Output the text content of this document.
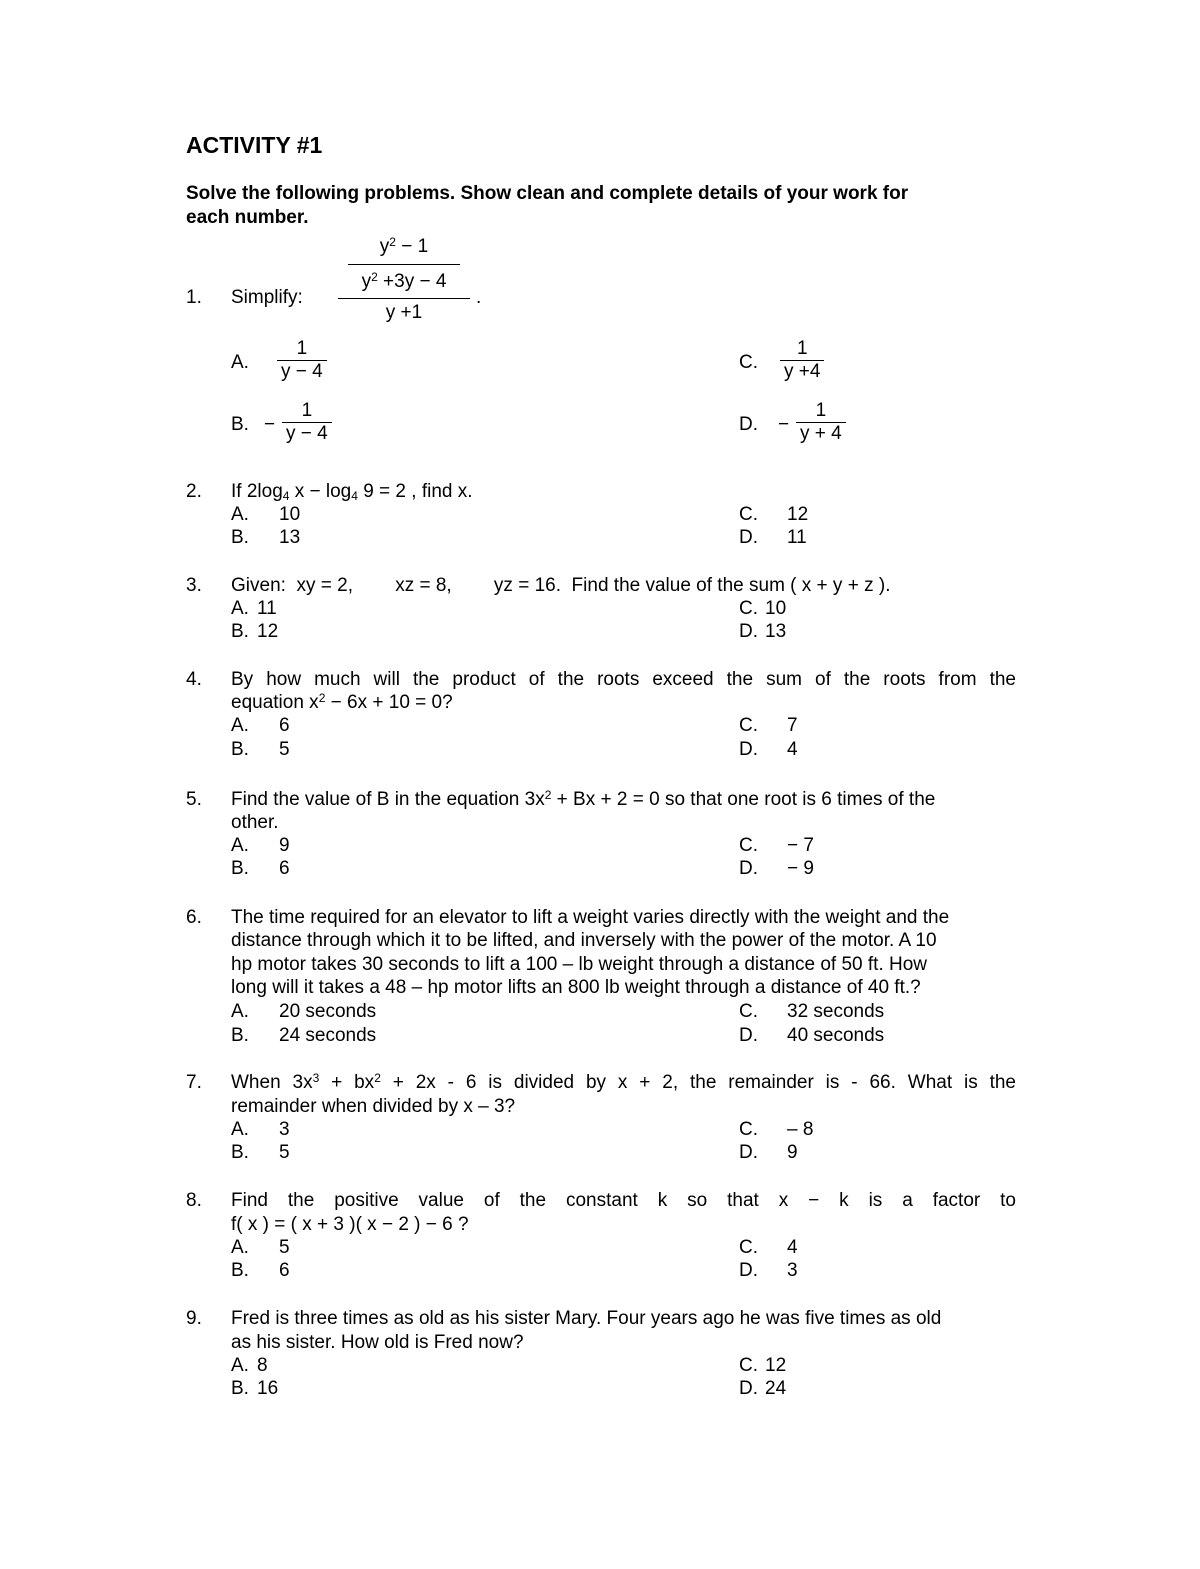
ACTIVITY #1
Solve the following problems. Show clean and complete details of your work for
each number.
1.	Simplify:
$y^2 - 1$
$y^2 +3y - 4$
y +1
.
A.
1
y − 4	C.
1
y +4
B. −
1
y − 4	D. −
1
y + 4
2.	If $2\log_4$ $x - \log_4 9 = 2$ , find x.
A. 10	C. 12
B. 13	D. 11
3.	Given:  xy = 2,        xz = 8,        yz = 16.  Find the value of the sum ( x + y + z ).
A. 11	C. 10
B. 12	D. 13
4.	By how much will the product of the roots exceed the sum of the roots from the
equation $x^2 - 6x + 10 = 0$?
A. 6	C. 7
B. 5	D. 4
5.	Find the value of B in the equation $3x^2 + Bx + 2 = 0$ so that one root is 6 times of the
other.
A. 9	C. − 7
B. 6	D. − 9
6.	The time required for an elevator to lift a weight varies directly with the weight and the
distance through which it to be lifted, and inversely with the power of the motor. A 10
hp motor takes 30 seconds to lift a 100 – lb weight through a distance of 50 ft. How
long will it takes a 48 – hp motor lifts an 800 lb weight through a distance of 40 ft.?
A. 20 seconds	C. 32 seconds
B. 24 seconds	D. 40 seconds
7.	When $3x^3 + bx^2 + 2x - 6$ is divided by x + 2, the remainder is - 66. What is the
remainder when divided by x – 3?
A. 3	C. – 8
B. 5	D. 9
8.	Find the positive value of the constant k so that x − k is a factor to
f( x ) = ( x + 3 )( x − 2 ) − 6 ?
A. 5	C. 4
B. 6	D. 3
9.	Fred is three times as old as his sister Mary. Four years ago he was five times as old
as his sister. How old is Fred now?
A. 8	C. 12
B. 16	D. 24
